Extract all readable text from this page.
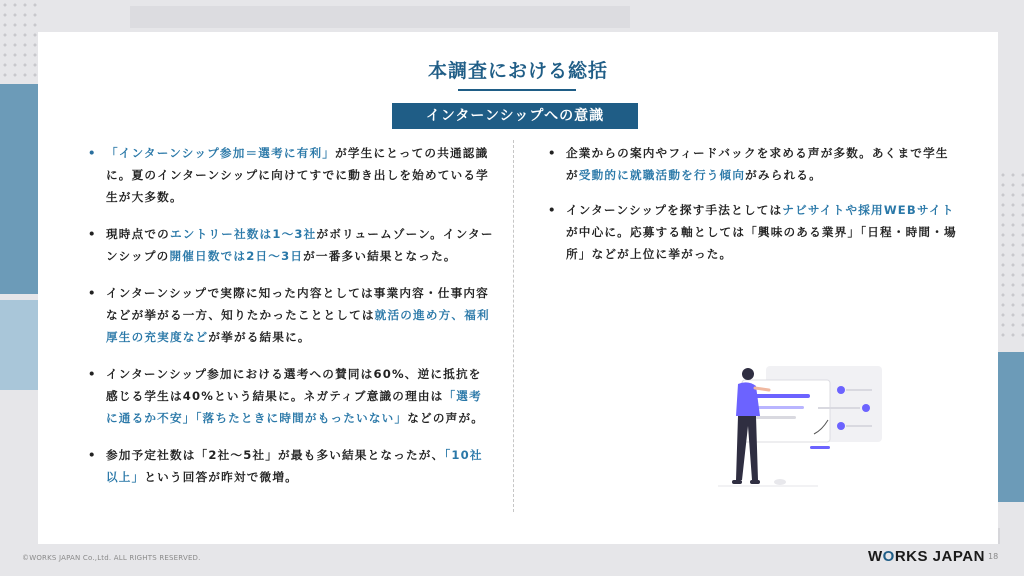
本調査における総括
インターンシップへの意識
• 「インターンシップ参加＝選考に有利」が学生にとっての共通認識に。夏のインターンシップに向けてすでに動き出しを始めている学生が大多数。
• 現時点でのエントリー社数は1〜3社がボリュームゾーン。インターンシップの開催日数では2日〜3日が一番多い結果となった。
• インターンシップで実際に知った内容としては事業内容・仕事内容などが挙がる一方、知りたかったこととしては就活の進め方、福利厚生の充実度などが挙がる結果に。
• インターンシップ参加における選考への賛同は60%、逆に抵抗を感じる学生は40%という結果に。ネガティブ意識の理由は「選考に通るか不安」「落ちたときに時間がもったいない」などの声が。
• 参加予定社数は「2社〜5社」が最も多い結果となったが、「10社以上」という回答が昨対で微増。
• 企業からの案内やフィードバックを求める声が多数。あくまで学生が受動的に就職活動を行う傾向がみられる。
• インターンシップを探す手法としてはナビサイトや採用WEBサイトが中心に。応募する軸としては「興味のある業界」「日程・時間・場所」などが上位に挙がった。
©WORKS JAPAN Co.,Ltd. ALL RIGHTS RESERVED.	WORKS JAPAN 18
